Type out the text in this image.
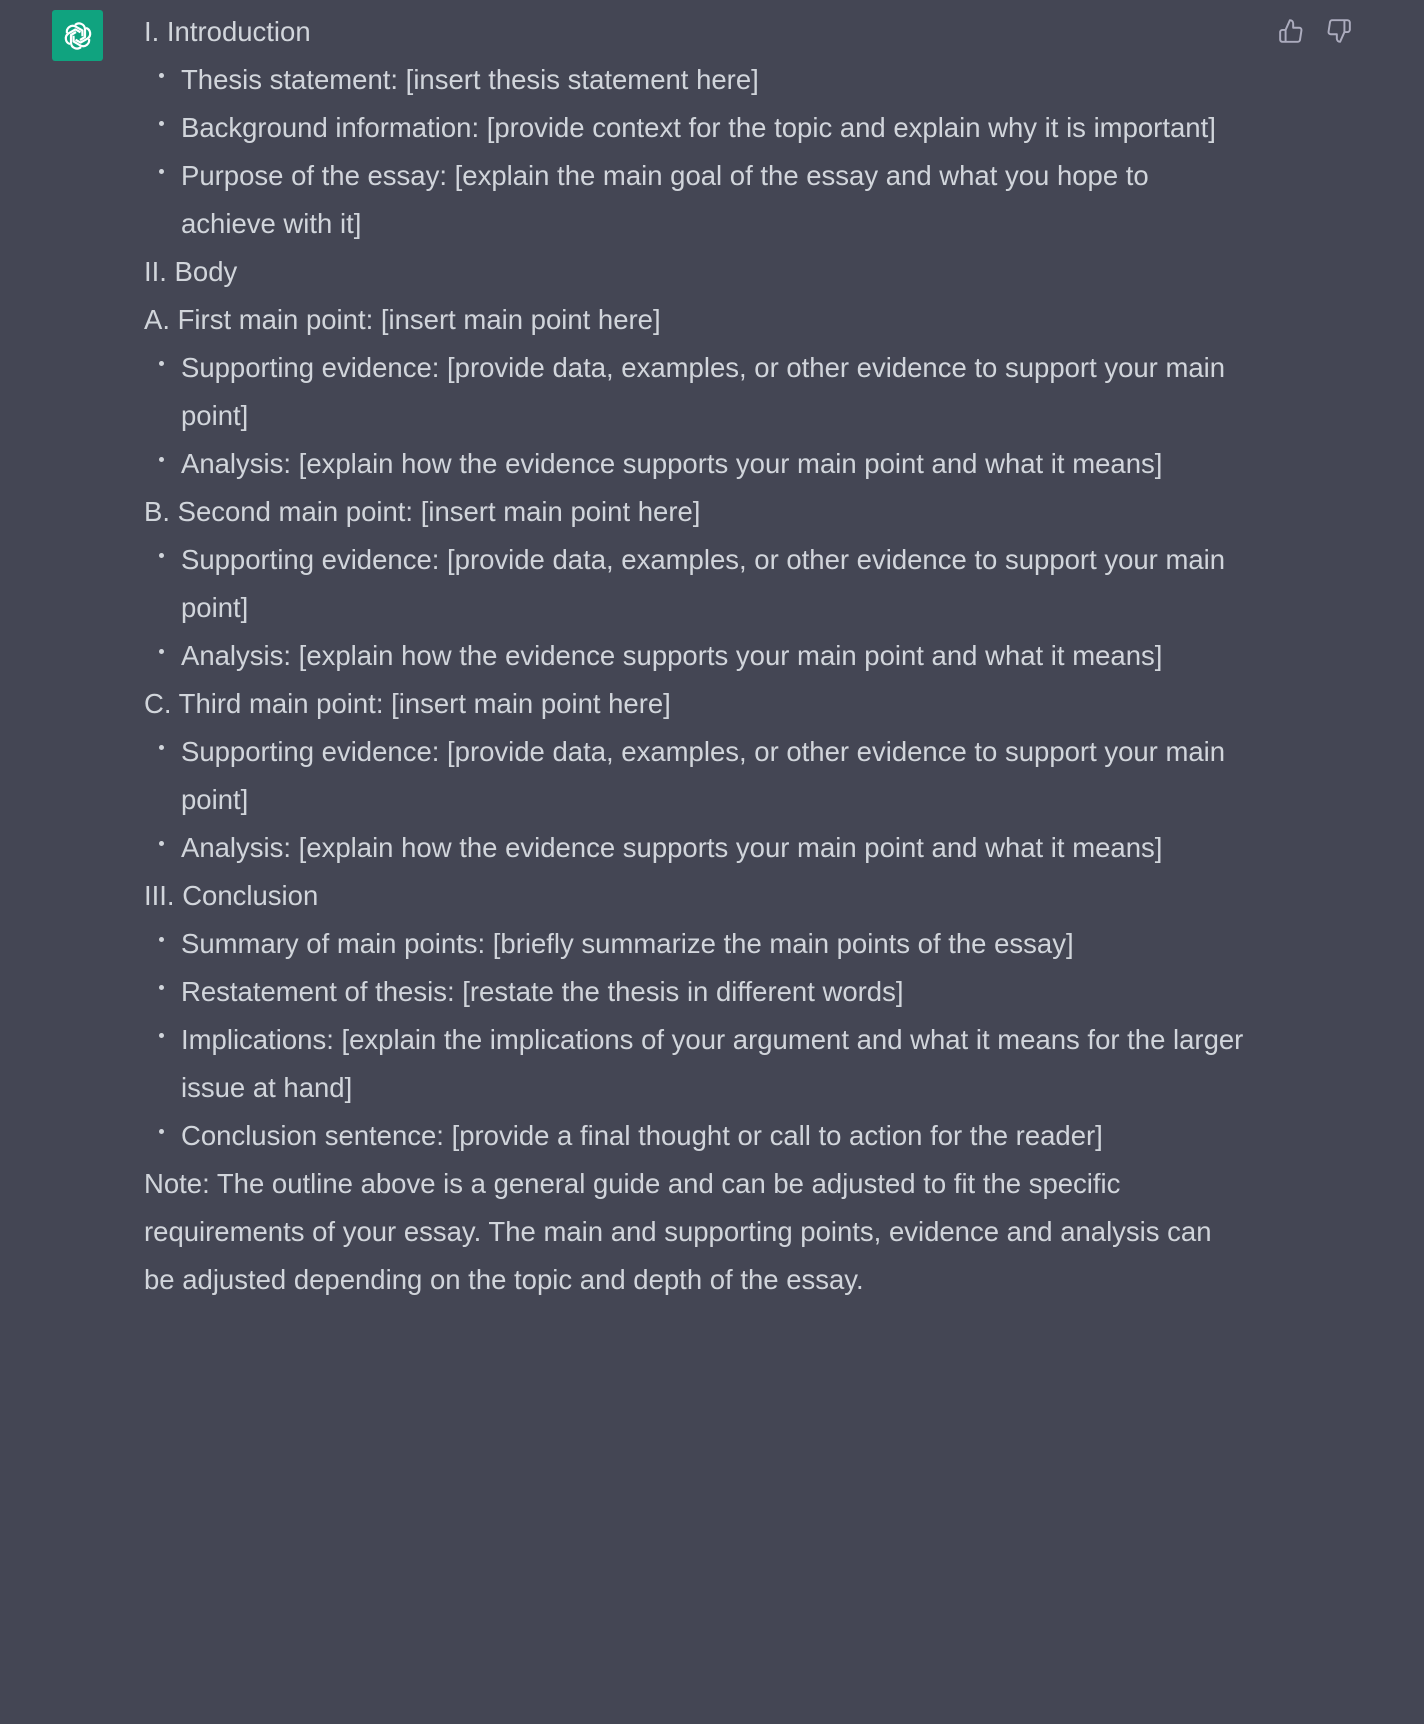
I. Introduction

Thesis statement: [insert thesis statement here]
Background information: [provide context for the topic and explain why it is important]
Purpose of the essay: [explain the main goal of the essay and what you hope to achieve with it]

II. Body

A. First main point: [insert main point here]

Supporting evidence: [provide data, examples, or other evidence to support your main point]
Analysis: [explain how the evidence supports your main point and what it means]

B. Second main point: [insert main point here]

Supporting evidence: [provide data, examples, or other evidence to support your main point]
Analysis: [explain how the evidence supports your main point and what it means]

C. Third main point: [insert main point here]

Supporting evidence: [provide data, examples, or other evidence to support your main point]
Analysis: [explain how the evidence supports your main point and what it means]

III. Conclusion

Summary of main points: [briefly summarize the main points of the essay]
Restatement of thesis: [restate the thesis in different words]
Implications: [explain the implications of your argument and what it means for the larger issue at hand]
Conclusion sentence: [provide a final thought or call to action for the reader]

Note: The outline above is a general guide and can be adjusted to fit the specific requirements of your essay. The main and supporting points, evidence and analysis can be adjusted depending on the topic and depth of the essay.
